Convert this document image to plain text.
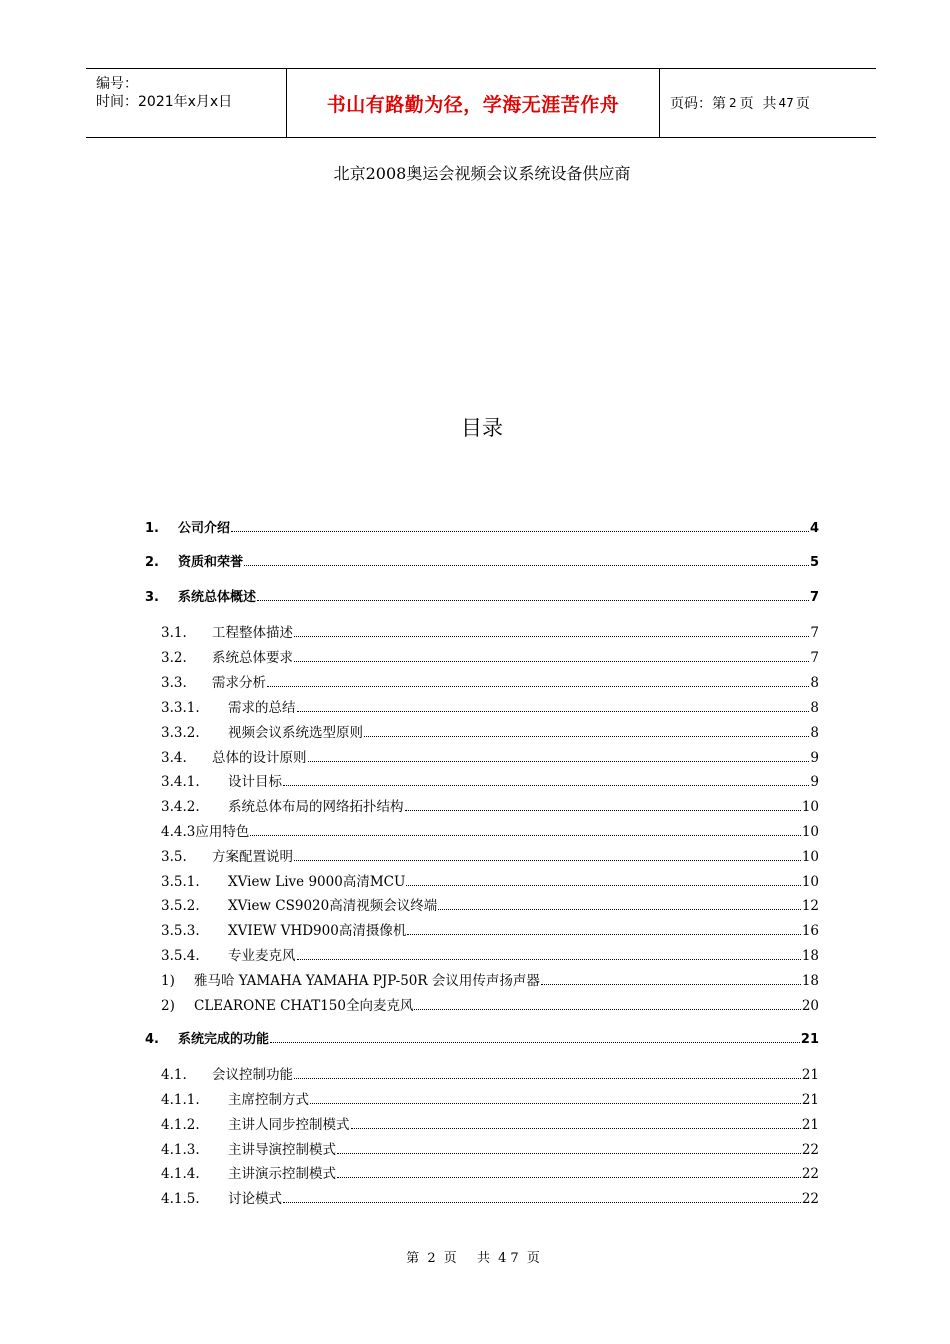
编号：
时间：2021年x月x日	书山有路勤为径，学海无涯苦作舟	页码：第 2 页  共 47 页
北京2008奥运会视频会议系统设备供应商
目录
1.	公司介绍	4
2.	资质和荣誉	5
3.	系统总体概述	7
3.1.	工程整体描述	7
3.2.	系统总体要求	7
3.3.	需求分析	8
3.3.1.	需求的总结	8
3.3.2.	视频会议系统选型原则	8
3.4.	总体的设计原则	9
3.4.1.	设计目标	9
3.4.2.	系统总体布局的网络拓扑结构	10
4.4.3应用特色	10
3.5.	方案配置说明	10
3.5.1.	XView Live 9000高清MCU	10
3.5.2.	XView CS9020高清视频会议终端	12
3.5.3.	XVIEW VHD900高清摄像机	16
3.5.4.	专业麦克风	18
1)	雅马哈 YAMAHA YAMAHA PJP-50R 会议用传声扬声器	18
2)	CLEARONE CHAT150全向麦克风	20
4.	系统完成的功能	21
4.1.	会议控制功能	21
4.1.1.	主席控制方式	21
4.1.2.	主讲人同步控制模式	21
4.1.3.	主讲导演控制模式	22
4.1.4.	主讲演示控制模式	22
4.1.5.	讨论模式	22
第 2 页  共 47 页
